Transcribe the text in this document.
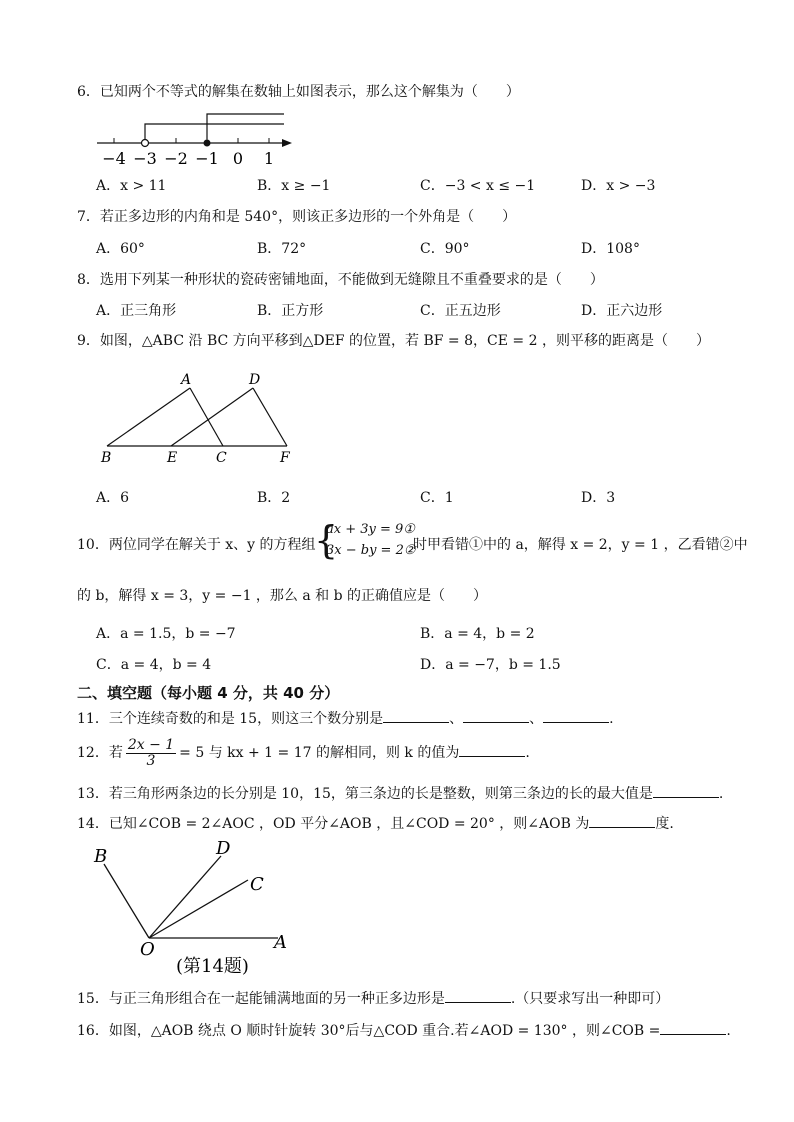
6．已知两个不等式的解集在数轴上如图表示，那么这个解集为（　　）
−4 −3 −2 −1 0 1
A．x > 11	B．x ≥ −1	C．−3 < x ≤ −1	D．x > −3
7．若正多边形的内角和是 540°，则该正多边形的一个外角是（　　）
A．60°	B．72°	C．90°	D．108°
8．选用下列某一种形状的瓷砖密铺地面，不能做到无缝隙且不重叠要求的是（　　）
A．正三角形	B．正方形	C．正五边形	D．正六边形
9．如图，△ABC 沿 BC 方向平移到△DEF 的位置，若 BF = 8，CE = 2 ，则平移的距离是（　　）
A	D
B	E	C	F
A．6	B．2	C．1	D．3
10．两位同学在解关于 x、y 的方程组
{
ax + 3y = 9①
3x − by = 2②
时甲看错①中的 a，解得 x = 2，y = 1 ，乙看错②中
的 b，解得 x = 3，y = −1 ，那么 a 和 b 的正确值应是（　　）
A．a = 1.5，b = −7	B．a = 4，b = 2
C．a = 4，b = 4	D．a = −7，b = 1.5
二、填空题（每小题 4 分，共 40 分）
11．三个连续奇数的和是 15，则这三个数分别是	、	、	.
12．若 $\frac{2x - 1}{3} = 5$ 与 kx + 1 = 17 的解相同，则 k 的值为	.
13．若三角形两条边的长分别是 10，15，第三条边的长是整数，则第三条边的长的最大值是	.
14．已知∠COB = 2∠AOC ，OD 平分∠AOB ，且∠COD = 20° ，则∠AOB 为	度.
B	D
C
O	A
(第14题)
15．与正三角形组合在一起能铺满地面的另一种正多边形是	.（只要求写出一种即可）
16．如图，△AOB 绕点 O 顺时针旋转 30°后与△COD 重合.若∠AOD = 130° ，则∠COB =	.
